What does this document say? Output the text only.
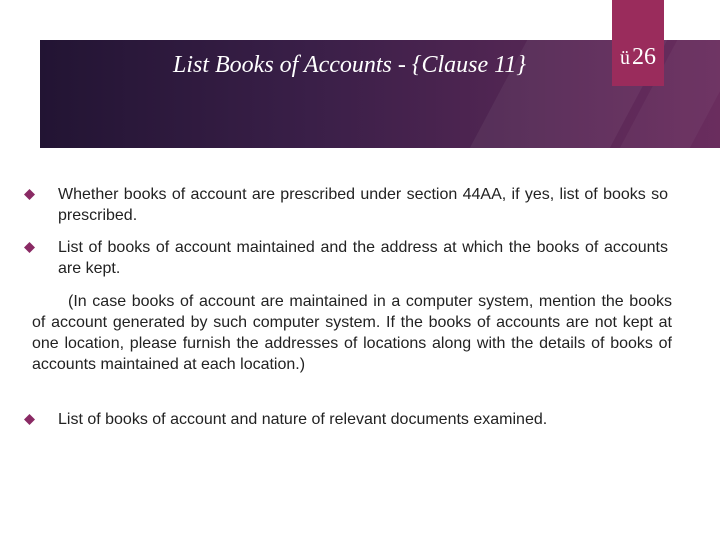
List Books of Accounts - {Clause 11}	ü26
Whether books of account are prescribed under section 44AA, if yes, list of books so prescribed.
List of books of account maintained and the address at which the books of accounts are kept.
(In case books of account are maintained in a computer system, mention the books of account generated by such computer system. If the books of accounts are not kept at one location, please furnish the addresses of locations along with the details of books of accounts maintained at each location.)
List of books of account and nature of relevant documents examined.
